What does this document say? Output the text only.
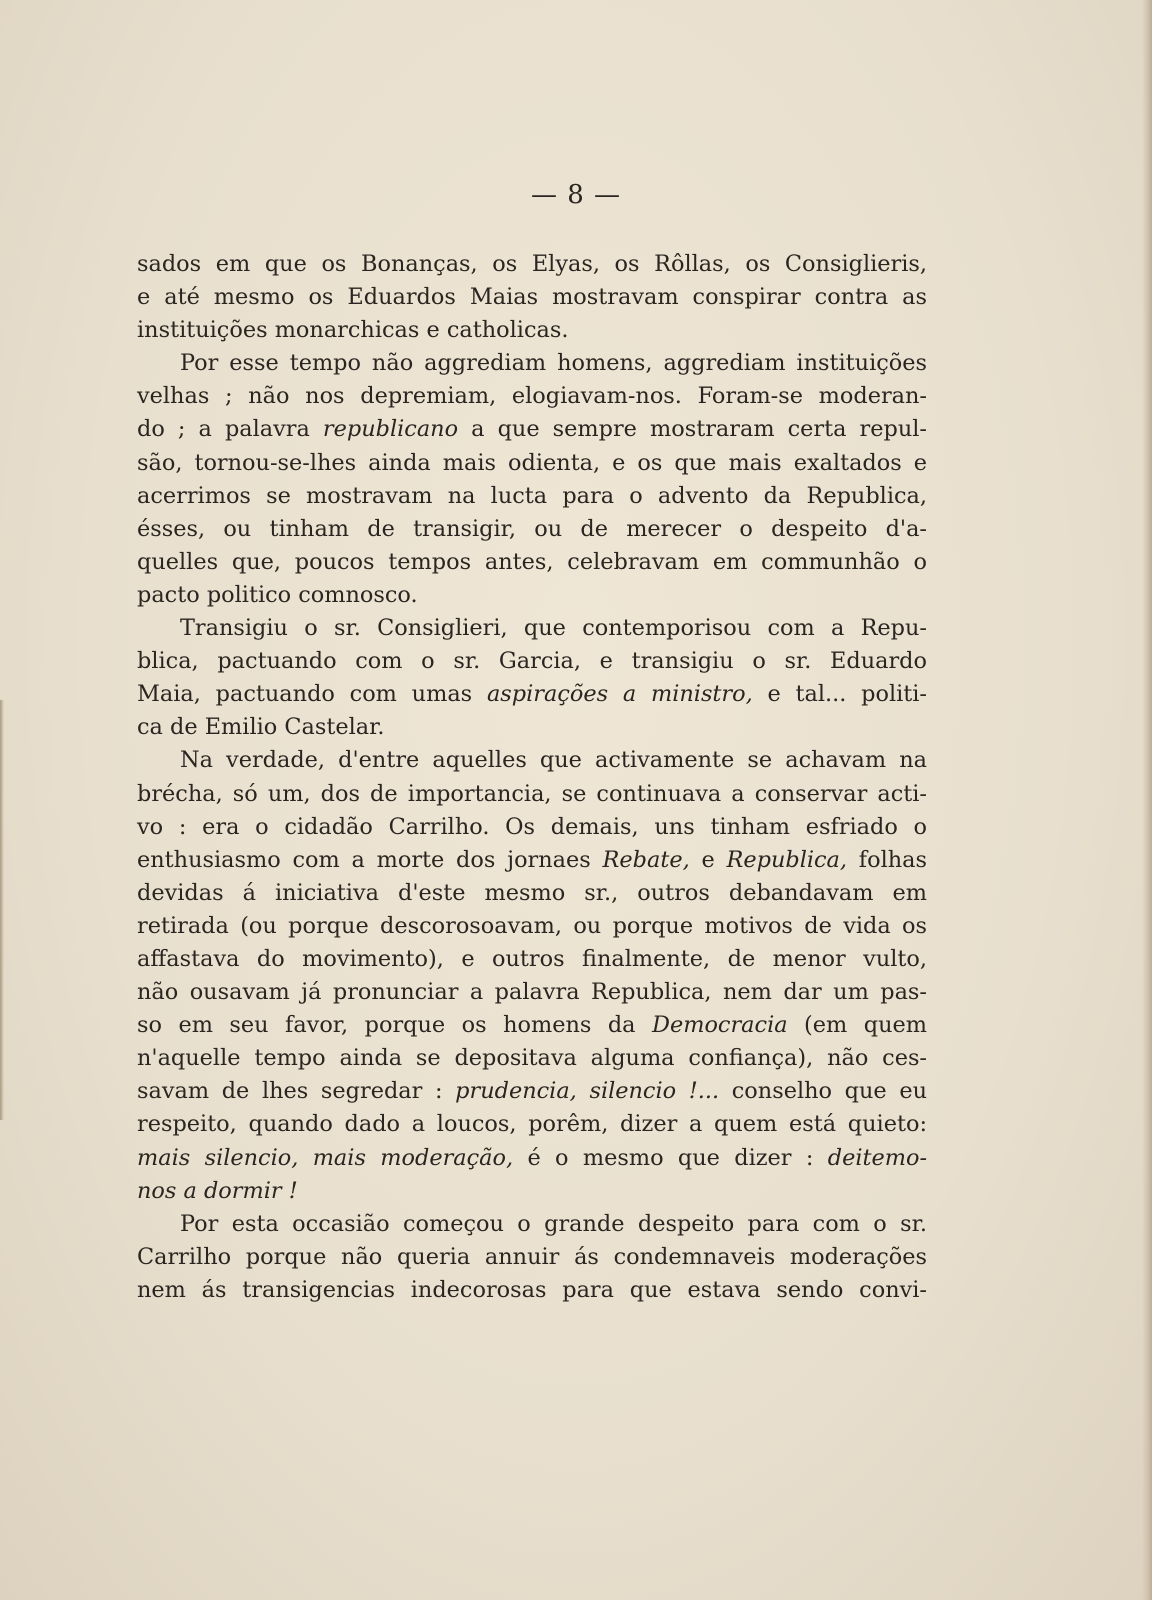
— 8 —
sados em que os Bonanças, os Elyas, os Rôllas, os Consiglieris,
e até mesmo os Eduardos Maias mostravam conspirar contra as
instituições monarchicas e catholicas.
Por esse tempo não aggrediam homens, aggrediam instituições
velhas ; não nos depremiam, elogiavam-nos. Foram-se moderan-
do ; a palavra republicano a que sempre mostraram certa repul-
são, tornou-se-lhes ainda mais odienta, e os que mais exaltados e
acerrimos se mostravam na lucta para o advento da Republica,
ésses, ou tinham de transigir, ou de merecer o despeito d'a-
quelles que, poucos tempos antes, celebravam em communhão o
pacto politico comnosco.
Transigiu o sr. Consiglieri, que contemporisou com a Repu-
blica, pactuando com o sr. Garcia, e transigiu o sr. Eduardo
Maia, pactuando com umas aspirações a ministro, e tal... politi-
ca de Emilio Castelar.
Na verdade, d'entre aquelles que activamente se achavam na
brécha, só um, dos de importancia, se continuava a conservar acti-
vo : era o cidadão Carrilho. Os demais, uns tinham esfriado o
enthusiasmo com a morte dos jornaes Rebate, e Republica, folhas
devidas á iniciativa d'este mesmo sr., outros debandavam em
retirada (ou porque descorosoavam, ou porque motivos de vida os
affastava do movimento), e outros finalmente, de menor vulto,
não ousavam já pronunciar a palavra Republica, nem dar um pas-
so em seu favor, porque os homens da Democracia (em quem
n'aquelle tempo ainda se depositava alguma confiança), não ces-
savam de lhes segredar : prudencia, silencio !... conselho que eu
respeito, quando dado a loucos, porêm, dizer a quem está quieto:
mais silencio, mais moderação, é o mesmo que dizer : deitemo-
nos a dormir !
Por esta occasião começou o grande despeito para com o sr.
Carrilho porque não queria annuir ás condemnaveis moderações
nem ás transigencias indecorosas para que estava sendo convi-
